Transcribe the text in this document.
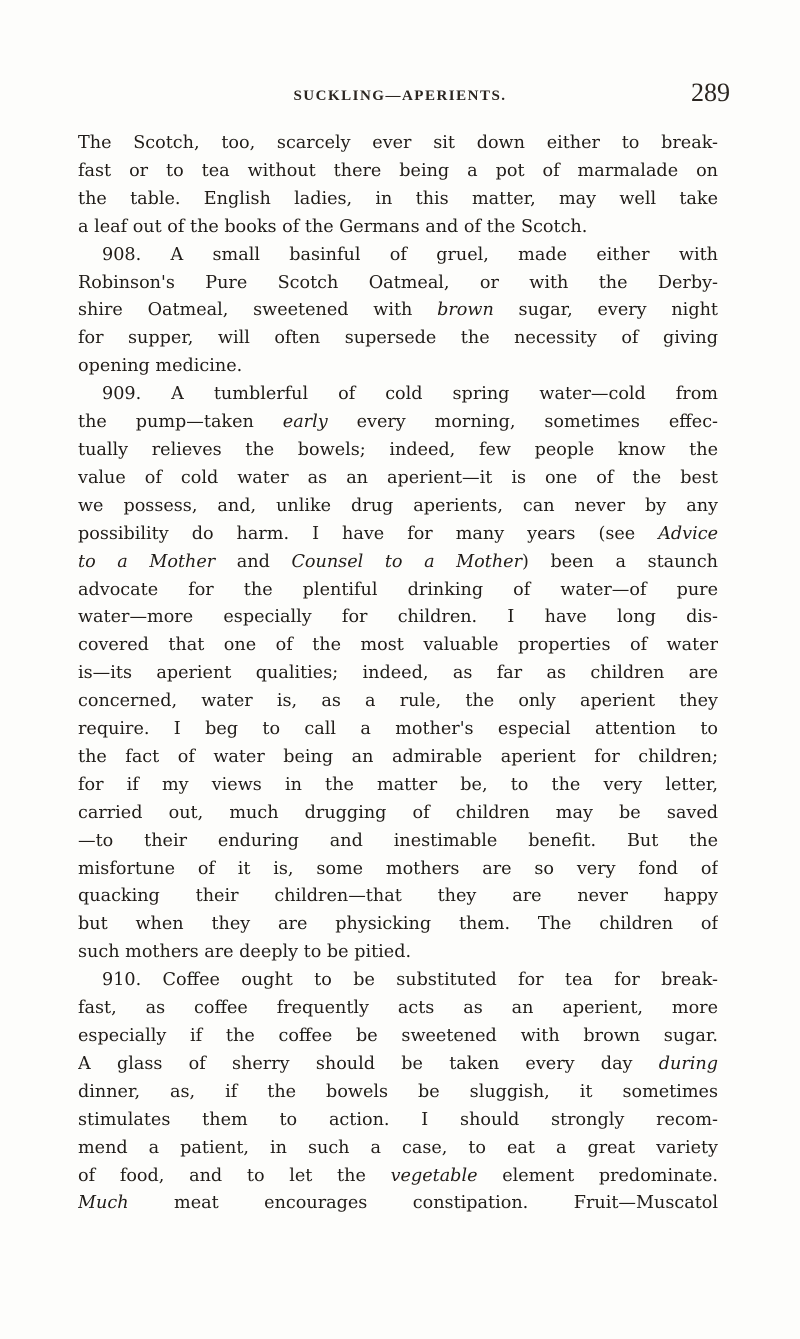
SUCKLING—APERIENTS.	289
The Scotch, too, scarcely ever sit down either to break-
fast or to tea without there being a pot of marmalade on
the table. English ladies, in this matter, may well take
a leaf out of the books of the Germans and of the Scotch.
908. A small basinful of gruel, made either with
Robinson's Pure Scotch Oatmeal, or with the Derby-
shire Oatmeal, sweetened with brown sugar, every night
for supper, will often supersede the necessity of giving
opening medicine.
909. A tumblerful of cold spring water—cold from
the pump—taken early every morning, sometimes effec-
tually relieves the bowels; indeed, few people know the
value of cold water as an aperient—it is one of the best
we possess, and, unlike drug aperients, can never by any
possibility do harm. I have for many years (see Advice
to a Mother and Counsel to a Mother) been a staunch
advocate for the plentiful drinking of water—of pure
water—more especially for children. I have long dis-
covered that one of the most valuable properties of water
is—its aperient qualities; indeed, as far as children are
concerned, water is, as a rule, the only aperient they
require. I beg to call a mother's especial attention to
the fact of water being an admirable aperient for children;
for if my views in the matter be, to the very letter,
carried out, much drugging of children may be saved
—to their enduring and inestimable benefit. But the
misfortune of it is, some mothers are so very fond of
quacking their children—that they are never happy
but when they are physicking them. The children of
such mothers are deeply to be pitied.
910. Coffee ought to be substituted for tea for break-
fast, as coffee frequently acts as an aperient, more
especially if the coffee be sweetened with brown sugar.
A glass of sherry should be taken every day during
dinner, as, if the bowels be sluggish, it sometimes
stimulates them to action. I should strongly recom-
mend a patient, in such a case, to eat a great variety
of food, and to let the vegetable element predominate.
Much meat encourages constipation. Fruit—Muscatol
